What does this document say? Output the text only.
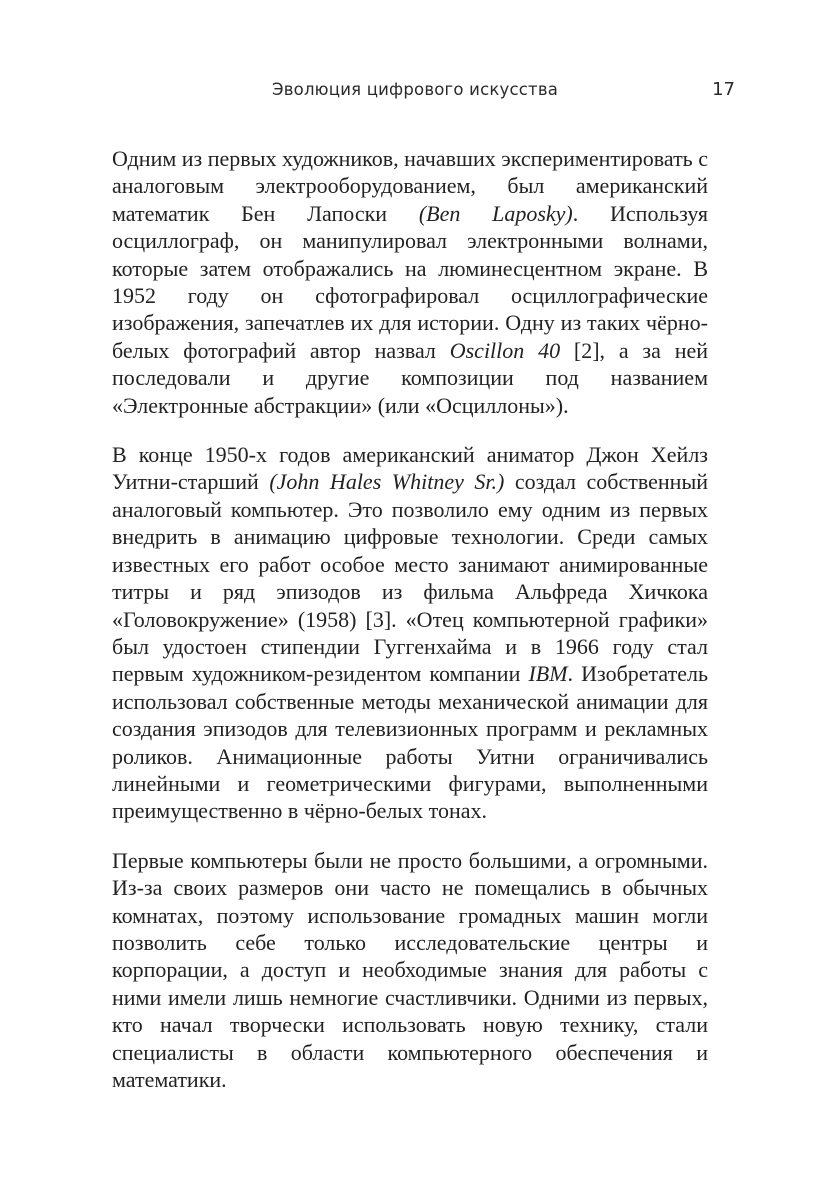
Эволюция цифрового искусства	17

Одним из первых художников, начавших экспериментировать с аналоговым электрооборудованием, был американский математик Бен Лапоски (Ben Laposky). Используя осциллограф, он манипулировал электронными волнами, которые затем отображались на люминесцентном экране. В 1952 году он сфотографировал осциллографические изображения, запечатлев их для истории. Одну из таких чёрно-белых фотографий автор назвал Oscillon 40 [2], а за ней последовали и другие композиции под названием «Электронные абстракции» (или «Осциллоны»).

В конце 1950-х годов американский аниматор Джон Хейлз Уитни-старший (John Hales Whitney Sr.) создал собственный аналоговый компьютер. Это позволило ему одним из первых внедрить в анимацию цифровые технологии. Среди самых известных его работ особое место занимают анимированные титры и ряд эпизодов из фильма Альфреда Хичкока «Головокружение» (1958) [3]. «Отец компьютерной графики» был удостоен стипендии Гуггенхайма и в 1966 году стал первым художником-резидентом компании IBM. Изобретатель использовал собственные методы механической анимации для создания эпизодов для телевизионных программ и рекламных роликов. Анимационные работы Уитни ограничивались линейными и геометрическими фигурами, выполненными преимущественно в чёрно-белых тонах.

Первые компьютеры были не просто большими, а огромными. Из-за своих размеров они часто не помещались в обычных комнатах, поэтому использование громадных машин могли позволить себе только исследовательские центры и корпорации, а доступ и необходимые знания для работы с ними имели лишь немногие счастливчики. Одними из первых, кто начал творчески использовать новую технику, стали специалисты в области компьютерного обеспечения и математики.
